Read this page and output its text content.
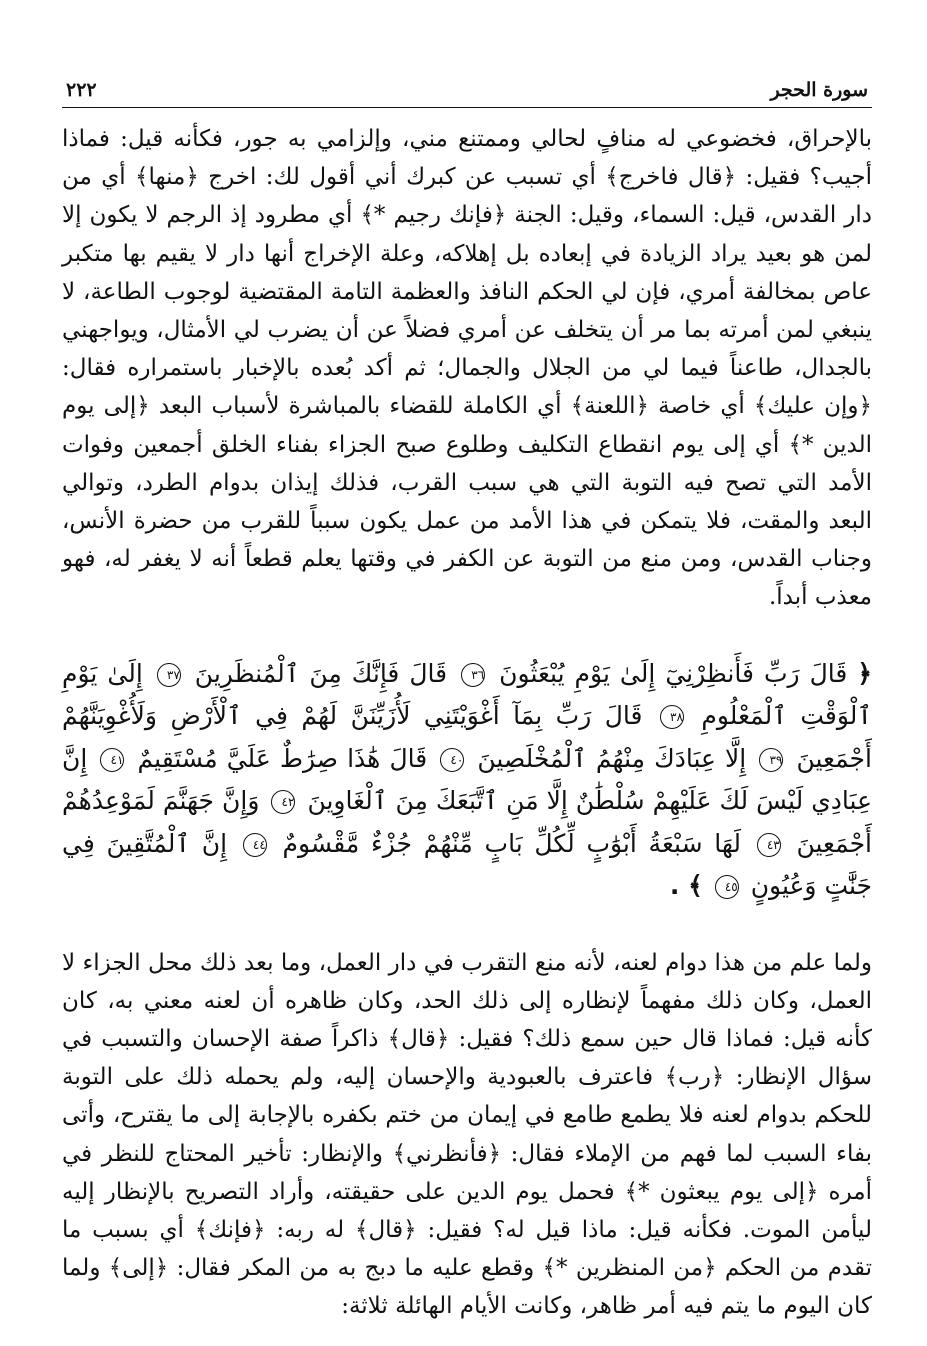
سورة الحجر
٢٢٢

بالإحراق، فخضوعي له منافٍ لحالي وممتنع مني، وإلزامي به جور، فكأنه قيل: فماذا أجيب؟ فقيل: ﴿قال فاخرج﴾ أي تسبب عن كبرك أني أقول لك: اخرج ﴿منها﴾ أي من دار القدس، قيل: السماء، وقيل: الجنة ﴿فإنك رجيم *﴾ أي مطرود إذ الرجم لا يكون إلا لمن هو بعيد يراد الزيادة في إبعاده بل إهلاكه، وعلة الإخراج أنها دار لا يقيم بها متكبر عاص بمخالفة أمري، فإن لي الحكم النافذ والعظمة التامة المقتضية لوجوب الطاعة، لا ينبغي لمن أمرته بما مر أن يتخلف عن أمري فضلاً عن أن يضرب لي الأمثال، ويواجهني بالجدال، طاعناً فيما لي من الجلال والجمال؛ ثم أكد بُعده بالإخبار باستمراره فقال: ﴿وإن عليك﴾ أي خاصة ﴿اللعنة﴾ أي الكاملة للقضاء بالمباشرة لأسباب البعد ﴿إلى يوم الدين *﴾ أي إلى يوم انقطاع التكليف وطلوع صبح الجزاء بفناء الخلق أجمعين وفوات الأمد التي تصح فيه التوبة التي هي سبب القرب، فذلك إيذان بدوام الطرد، وتوالي البعد والمقت، فلا يتمكن في هذا الأمد من عمل يكون سبباً للقرب من حضرة الأنس، وجناب القدس، ومن منع من التوبة عن الكفر في وقتها يعلم قطعاً أنه لا يغفر له، فهو معذب أبداً.

﴿ قَالَ رَبِّ فَأَنظِرْنِيٓ إِلَىٰ يَوْمِ يُبْعَثُونَ ٣٦ قَالَ فَإِنَّكَ مِنَ ٱلْمُنظَرِينَ ٣٧ إِلَىٰ يَوْمِ ٱلْوَقْتِ ٱلْمَعْلُومِ ٣٨ قَالَ رَبِّ بِمَآ أَغْوَيْتَنِي لَأُزَيِّنَنَّ لَهُمْ فِي ٱلْأَرْضِ وَلَأُغْوِيَنَّهُمْ أَجْمَعِينَ ٣٩ إِلَّا عِبَادَكَ مِنْهُمُ ٱلْمُخْلَصِينَ ٤٠ قَالَ هَٰذَا صِرَٰطٌ عَلَيَّ مُسْتَقِيمٌ ٤١ إِنَّ عِبَادِي لَيْسَ لَكَ عَلَيْهِمْ سُلْطَٰنٌ إِلَّا مَنِ ٱتَّبَعَكَ مِنَ ٱلْغَاوِينَ ٤٢ وَإِنَّ جَهَنَّمَ لَمَوْعِدُهُمْ أَجْمَعِينَ ٤٣ لَهَا سَبْعَةُ أَبْوَٰبٍ لِّكُلِّ بَابٍ مِّنْهُمْ جُزْءٌ مَّقْسُومٌ ٤٤ إِنَّ ٱلْمُتَّقِينَ فِي جَنَّٰتٍ وَعُيُونٍ ٤٥ ﴾ .

ولما علم من هذا دوام لعنه، لأنه منع التقرب في دار العمل، وما بعد ذلك محل الجزاء لا العمل، وكان ذلك مفهماً لإنظاره إلى ذلك الحد، وكان ظاهره أن لعنه معني به، كان كأنه قيل: فماذا قال حين سمع ذلك؟ فقيل: ﴿قال﴾ ذاكراً صفة الإحسان والتسبب في سؤال الإنظار: ﴿رب﴾ فاعترف بالعبودية والإحسان إليه، ولم يحمله ذلك على التوبة للحكم بدوام لعنه فلا يطمع طامع في إيمان من ختم بكفره بالإجابة إلى ما يقترح، وأتى بفاء السبب لما فهم من الإملاء فقال: ﴿فأنظرني﴾ والإنظار: تأخير المحتاج للنظر في أمره ﴿إلى يوم يبعثون *﴾ فحمل يوم الدين على حقيقته، وأراد التصريح بالإنظار إليه ليأمن الموت. فكأنه قيل: ماذا قيل له؟ فقيل: ﴿قال﴾ له ربه: ﴿فإنك﴾ أي بسبب ما تقدم من الحكم ﴿من المنظرين *﴾ وقطع عليه ما دبج به من المكر فقال: ﴿إلى﴾ ولما كان اليوم ما يتم فيه أمر ظاهر، وكانت الأيام الهائلة ثلاثة:
